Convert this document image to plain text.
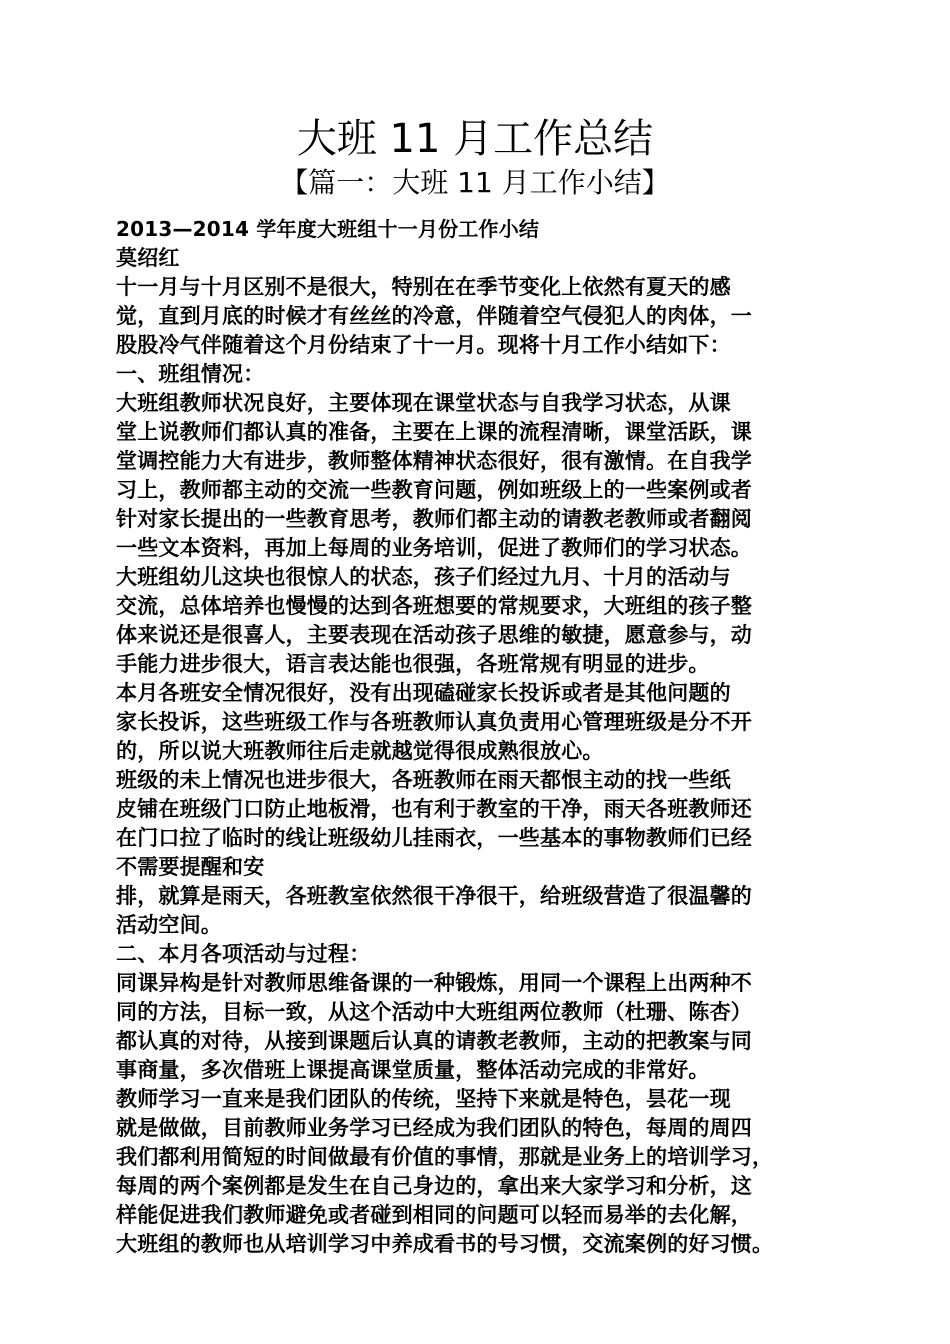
大班 11 月工作总结
【篇一：大班 11 月工作小结】
2013—2014 学年度大班组十一月份工作小结
莫绍红
十一月与十月区别不是很大，特别在在季节变化上依然有夏天的感
觉，直到月底的时候才有丝丝的冷意，伴随着空气侵犯人的肉体，一
股股冷气伴随着这个月份结束了十一月。现将十月工作小结如下：
一、班组情况：
大班组教师状况良好，主要体现在课堂状态与自我学习状态，从课
堂上说教师们都认真的准备，主要在上课的流程清晰，课堂活跃，课
堂调控能力大有进步，教师整体精神状态很好，很有激情。在自我学
习上，教师都主动的交流一些教育问题，例如班级上的一些案例或者
针对家长提出的一些教育思考，教师们都主动的请教老教师或者翻阅
一些文本资料，再加上每周的业务培训，促进了教师们的学习状态。
大班组幼儿这块也很惊人的状态，孩子们经过九月、十月的活动与
交流，总体培养也慢慢的达到各班想要的常规要求，大班组的孩子整
体来说还是很喜人，主要表现在活动孩子思维的敏捷，愿意参与，动
手能力进步很大，语言表达能也很强，各班常规有明显的进步。
本月各班安全情况很好，没有出现磕碰家长投诉或者是其他问题的
家长投诉，这些班级工作与各班教师认真负责用心管理班级是分不开
的，所以说大班教师往后走就越觉得很成熟很放心。
班级的未上情况也进步很大，各班教师在雨天都恨主动的找一些纸
皮铺在班级门口防止地板滑，也有利于教室的干净，雨天各班教师还
在门口拉了临时的线让班级幼儿挂雨衣，一些基本的事物教师们已经
不需要提醒和安
排，就算是雨天，各班教室依然很干净很干，给班级营造了很温馨的
活动空间。
二、本月各项活动与过程：
同课异构是针对教师思维备课的一种锻炼，用同一个课程上出两种不
同的方法，目标一致，从这个活动中大班组两位教师（杜珊、陈杏）
都认真的对待，从接到课题后认真的请教老教师，主动的把教案与同
事商量，多次借班上课提高课堂质量，整体活动完成的非常好。
教师学习一直来是我们团队的传统，坚持下来就是特色，昙花一现
就是做做，目前教师业务学习已经成为我们团队的特色，每周的周四
我们都利用简短的时间做最有价值的事情，那就是业务上的培训学习，
每周的两个案例都是发生在自己身边的，拿出来大家学习和分析，这
样能促进我们教师避免或者碰到相同的问题可以轻而易举的去化解，
大班组的教师也从培训学习中养成看书的号习惯，交流案例的好习惯。
